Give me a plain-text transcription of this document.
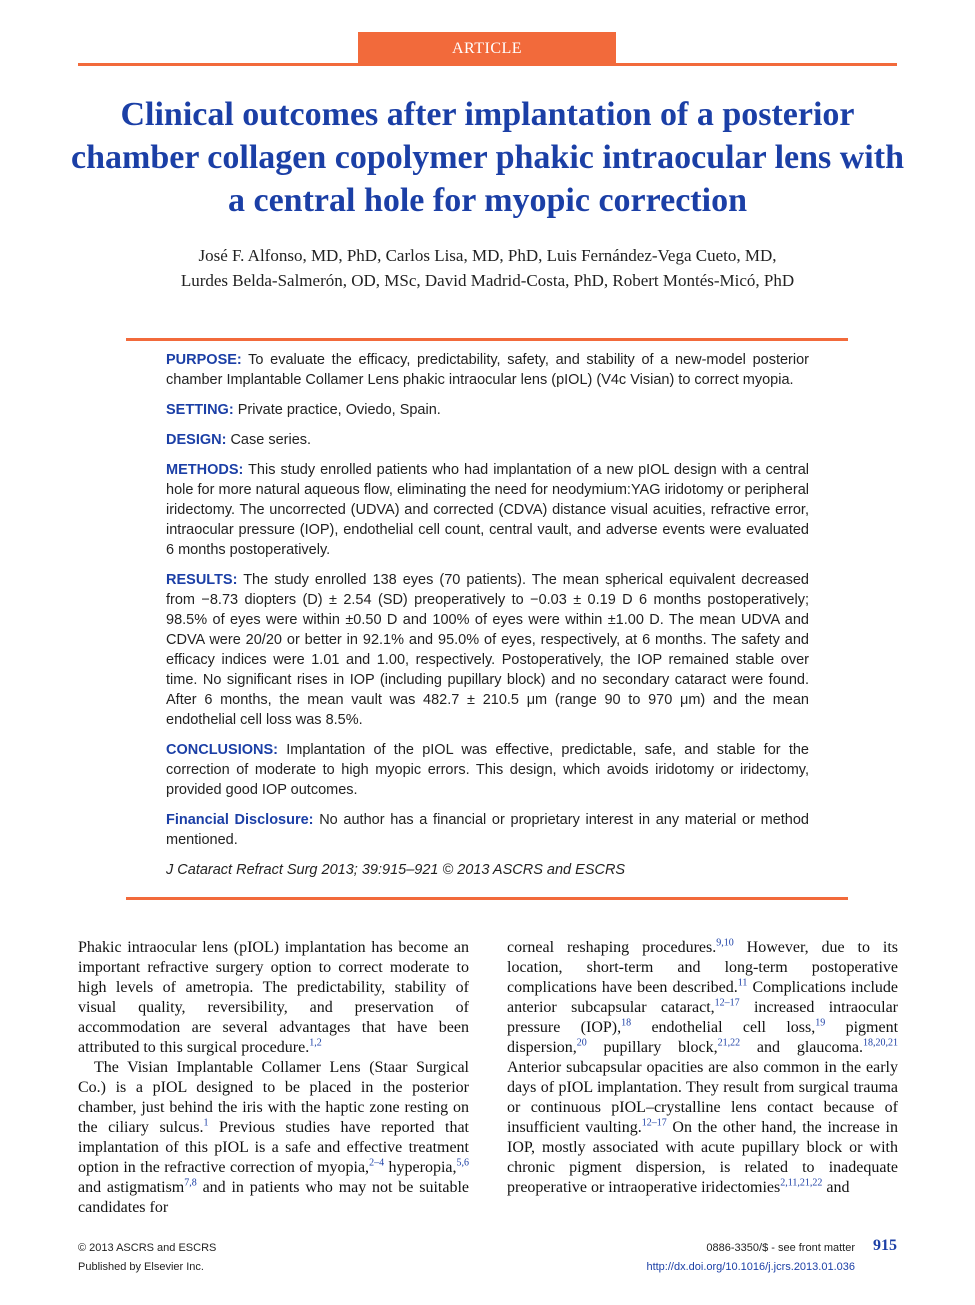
ARTICLE
Clinical outcomes after implantation of a posterior chamber collagen copolymer phakic intraocular lens with a central hole for myopic correction
José F. Alfonso, MD, PhD, Carlos Lisa, MD, PhD, Luis Fernández-Vega Cueto, MD,
Lurdes Belda-Salmerón, OD, MSc, David Madrid-Costa, PhD, Robert Montés-Micó, PhD

PURPOSE: To evaluate the efficacy, predictability, safety, and stability of a new-model posterior chamber Implantable Collamer Lens phakic intraocular lens (pIOL) (V4c Visian) to correct myopia.

SETTING: Private practice, Oviedo, Spain.

DESIGN: Case series.

METHODS: This study enrolled patients who had implantation of a new pIOL design with a central hole for more natural aqueous flow, eliminating the need for neodymium:YAG iridotomy or peripheral iridectomy. The uncorrected (UDVA) and corrected (CDVA) distance visual acuities, refractive error, intraocular pressure (IOP), endothelial cell count, central vault, and adverse events were evaluated 6 months postoperatively.

RESULTS: The study enrolled 138 eyes (70 patients). The mean spherical equivalent decreased from −8.73 diopters (D) ± 2.54 (SD) preoperatively to −0.03 ± 0.19 D 6 months postoperatively; 98.5% of eyes were within ±0.50 D and 100% of eyes were within ±1.00 D. The mean UDVA and CDVA were 20/20 or better in 92.1% and 95.0% of eyes, respectively, at 6 months. The safety and efficacy indices were 1.01 and 1.00, respectively. Postoperatively, the IOP remained stable over time. No significant rises in IOP (including pupillary block) and no secondary cataract were found. After 6 months, the mean vault was 482.7 ± 210.5 μm (range 90 to 970 μm) and the mean endothelial cell loss was 8.5%.

CONCLUSIONS: Implantation of the pIOL was effective, predictable, safe, and stable for the correction of moderate to high myopic errors. This design, which avoids iridotomy or iridectomy, provided good IOP outcomes.

Financial Disclosure: No author has a financial or proprietary interest in any material or method mentioned.

J Cataract Refract Surg 2013; 39:915–921 © 2013 ASCRS and ESCRS

Phakic intraocular lens (pIOL) implantation has become an important refractive surgery option to correct moderate to high levels of ametropia. The predictability, stability of visual quality, reversibility, and preservation of accommodation are several advantages that have been attributed to this surgical procedure.$^{1,2}$

The Visian Implantable Collamer Lens (Staar Surgical Co.) is a pIOL designed to be placed in the posterior chamber, just behind the iris with the haptic zone resting on the ciliary sulcus.$^1$ Previous studies have reported that implantation of this pIOL is a safe and effective treatment option in the refractive correction of myopia,$^{2-4}$ hyperopia,$^{5,6}$ and astigmatism$^{7,8}$ and in patients who may not be suitable candidates for

corneal reshaping procedures.$^{9,10}$ However, due to its location, short-term and long-term postoperative complications have been described.$^{11}$ Complications include anterior subcapsular cataract,$^{12-17}$ increased intraocular pressure (IOP),$^{18}$ endothelial cell loss,$^{19}$ pigment dispersion,$^{20}$ pupillary block,$^{21,22}$ and glaucoma.$^{18,20,21}$ Anterior subcapsular opacities are also common in the early days of pIOL implantation. They result from surgical trauma or continuous pIOL–crystalline lens contact because of insufficient vaulting.$^{12-17}$ On the other hand, the increase in IOP, mostly associated with acute pupillary block or with chronic pigment dispersion, is related to inadequate preoperative or intraoperative iridectomies$^{2,11,21,22}$ and

© 2013 ASCRS and ESCRS
Published by Elsevier Inc.
0886-3350/$ - see front matter
http://dx.doi.org/10.1016/j.jcrs.2013.01.036
915
